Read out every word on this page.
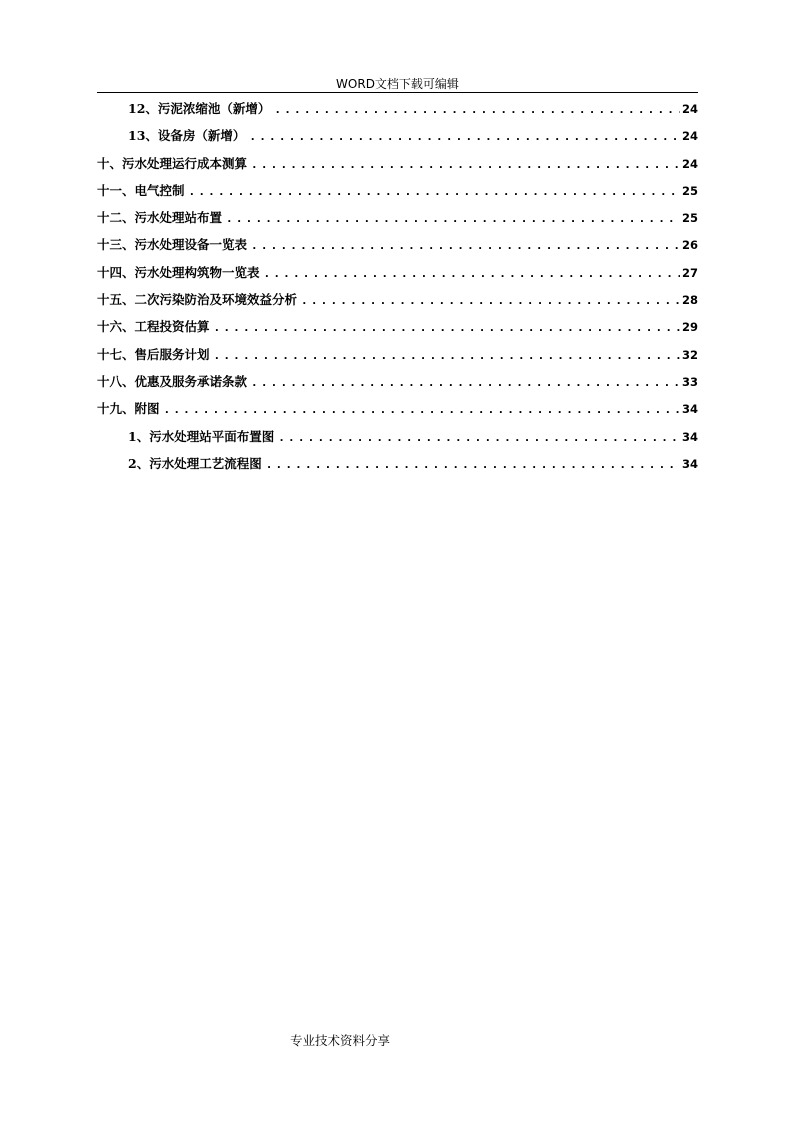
WORD文档下载可编辑
12、污泥浓缩池（新增） .....	24
13、设备房（新增） .....	24
十、污水处理运行成本测算 .....	24
十一、电气控制 .....	25
十二、污水处理站布置 .....	25
十三、污水处理设备一览表 .....	26
十四、污水处理构筑物一览表 .....	27
十五、二次污染防治及环境效益分析 .....	28
十六、工程投资估算 .....	29
十七、售后服务计划 .....	32
十八、优惠及服务承诺条款 .....	33
十九、附图 .....	34
1、污水处理站平面布置图 .....	34
2、污水处理工艺流程图 .....	34
专业技术资料分享
